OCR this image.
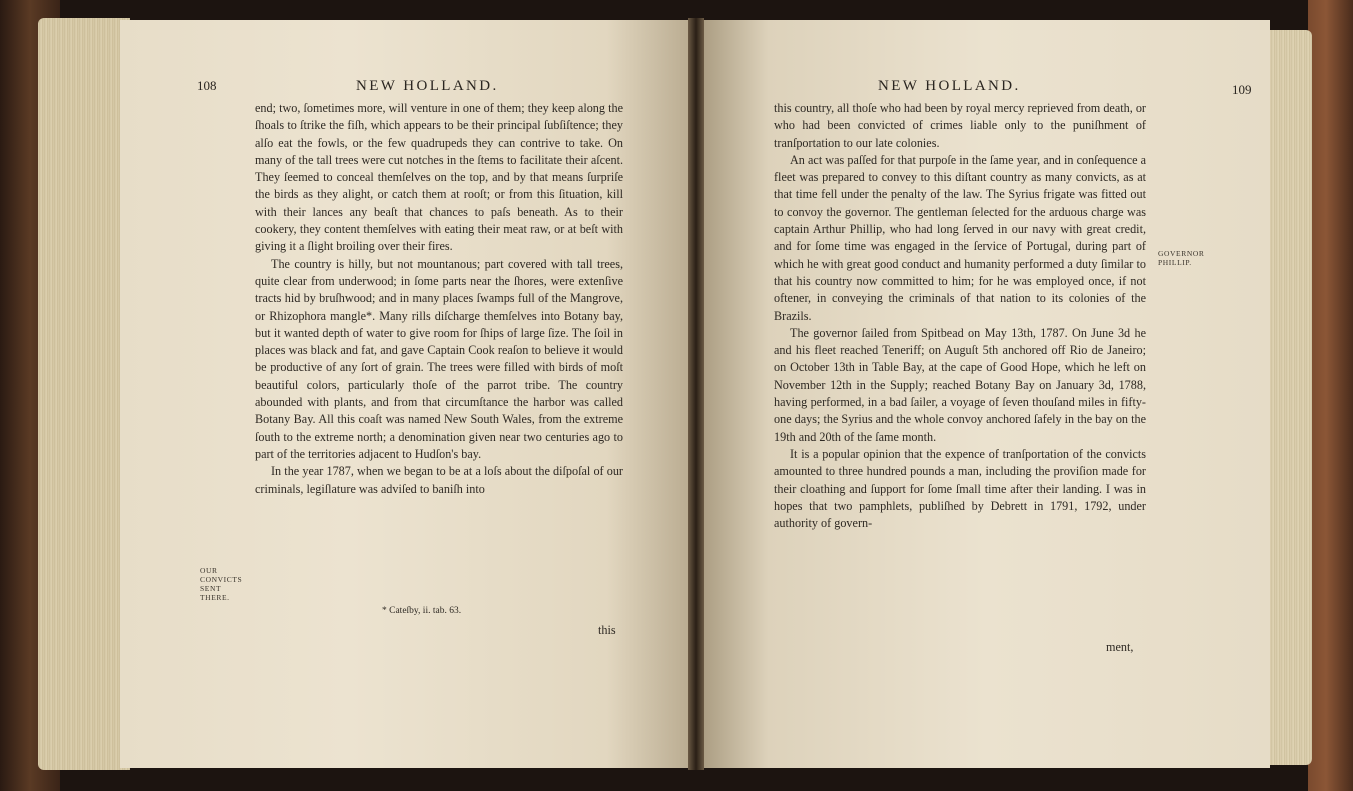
108	NEW HOLLAND.

end; two, ſometimes more, will venture in one of them; they keep along the ſhoals to ſtrike the fiſh, which appears to be their principal ſubſiſtence; they alſo eat the fowls, or the few quadrupeds they can contrive to take. On many of the tall trees were cut notches in the ſtems to facilitate their aſcent. They ſeemed to conceal themſelves on the top, and by that means ſurpriſe the birds as they alight, or catch them at rooſt; or from this ſituation, kill with their lances any beaſt that chances to paſs beneath. As to their cookery, they content themſelves with eating their meat raw, or at beſt with giving it a ſlight broiling over their fires.

The country is hilly, but not mountanous; part covered with tall trees, quite clear from underwood; in ſome parts near the ſhores, were extenſive tracts hid by bruſhwood; and in many places ſwamps full of the Mangrove, or Rhizophora mangle*. Many rills diſcharge themſelves into Botany bay, but it wanted depth of water to give room for ſhips of large ſize. The ſoil in places was black and fat, and gave Captain Cook reaſon to believe it would be productive of any ſort of grain. The trees were filled with birds of moſt beautiful colors, particularly thoſe of the parrot tribe. The country abounded with plants, and from that circumſtance the harbor was called Botany Bay. All this coaſt was named New South Wales, from the extreme ſouth to the extreme north; a denomination given near two centuries ago to part of the territories adjacent to Hudſon's bay.

In the year 1787, when we began to be at a loſs about the diſpoſal of our criminals, legiſlature was adviſed to baniſh into

OUR CONVICTS SENT THERE.
* Cateſby, ii. tab. 63.
this
NEW HOLLAND.	109

this country, all thoſe who had been by royal mercy reprieved from death, or who had been convicted of crimes liable only to the puniſhment of tranſportation to our late colonies.

An act was paſſed for that purpoſe in the ſame year, and in conſequence a fleet was prepared to convey to this diſtant country as many convicts, as at that time fell under the penalty of the law. The Syrius frigate was fitted out to convoy the governor. The gentleman ſelected for the arduous charge was captain Arthur Phillip, who had long ſerved in our navy with great credit, and for ſome time was engaged in the ſervice of Portugal, during part of which he with great good conduct and humanity performed a duty ſimilar to that his country now committed to him; for he was employed once, if not oftener, in conveying the criminals of that nation to its colonies of the Brazils.

The governor ſailed from Spitbead on May 13th, 1787. On June 3d he and his fleet reached Teneriff; on Auguſt 5th anchored off Rio de Janeiro; on October 13th in Table Bay, at the cape of Good Hope, which he left on November 12th in the Supply; reached Botany Bay on January 3d, 1788, having performed, in a bad ſailer, a voyage of ſeven thouſand miles in fifty-one days; the Syrius and the whole convoy anchored ſafely in the bay on the 19th and 20th of the ſame month.

It is a popular opinion that the expence of tranſportation of the convicts amounted to three hundred pounds a man, including the proviſion made for their cloathing and ſupport for ſome ſmall time after their landing. I was in hopes that two pamphlets, publiſhed by Debrett in 1791, 1792, under authority of govern-

GOVERNOR PHILLIP.
ment,
